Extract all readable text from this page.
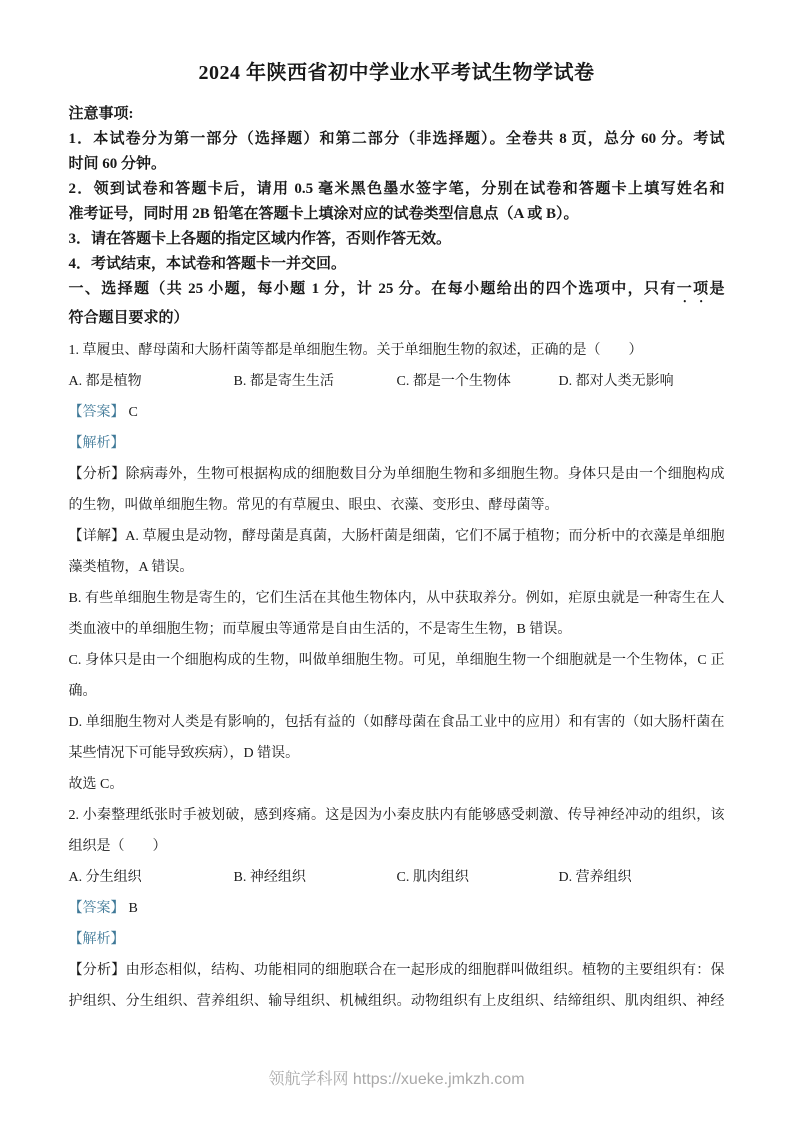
2024 年陕西省初中学业水平考试生物学试卷
注意事项:
1．本试卷分为第一部分（选择题）和第二部分（非选择题）。全卷共 8 页，总分 60 分。考试
时间 60 分钟。
2．领到试卷和答题卡后，请用 0.5 毫米黑色墨水签字笔，分别在试卷和答题卡上填写姓名和
准考证号，同时用 2B 铅笔在答题卡上填涂对应的试卷类型信息点（A 或 B）。
3．请在答题卡上各题的指定区域内作答，否则作答无效。
4．考试结束，本试卷和答题卡一并交回。
一、选择题（共 25 小题，每小题 1 分，计 25 分。在每小题给出的四个选项中，只有一项是
符合题目要求的）
1. 草履虫、酵母菌和大肠杆菌等都是单细胞生物。关于单细胞生物的叙述，正确的是（　　）
A. 都是植物	B. 都是寄生生活	C. 都是一个生物体	D. 都对人类无影响
【答案】 C
【解析】
【分析】除病毒外，生物可根据构成的细胞数目分为单细胞生物和多细胞生物。身体只是由一个细胞构成
的生物，叫做单细胞生物。常见的有草履虫、眼虫、衣藻、变形虫、酵母菌等。
【详解】A. 草履虫是动物，酵母菌是真菌，大肠杆菌是细菌，它们不属于植物；而分析中的衣藻是单细胞
藻类植物，A 错误。
B. 有些单细胞生物是寄生的，它们生活在其他生物体内，从中获取养分。例如，疟原虫就是一种寄生在人
类血液中的单细胞生物；而草履虫等通常是自由生活的，不是寄生生物，B 错误。
C. 身体只是由一个细胞构成的生物，叫做单细胞生物。可见，单细胞生物一个细胞就是一个生物体，C 正
确。
D. 单细胞生物对人类是有影响的，包括有益的（如酵母菌在食品工业中的应用）和有害的（如大肠杆菌在
某些情况下可能导致疾病），D 错误。
故选 C。
2. 小秦整理纸张时手被划破，感到疼痛。这是因为小秦皮肤内有能够感受刺激、传导神经冲动的组织，该
组织是（　　）
A. 分生组织	B. 神经组织	C. 肌肉组织	D. 营养组织
【答案】 B
【解析】
【分析】由形态相似，结构、功能相同的细胞联合在一起形成的细胞群叫做组织。植物的主要组织有：保
护组织、分生组织、营养组织、输导组织、机械组织。动物组织有上皮组织、结缔组织、肌肉组织、神经
领航学科网 https://xueke.jmkzh.com
